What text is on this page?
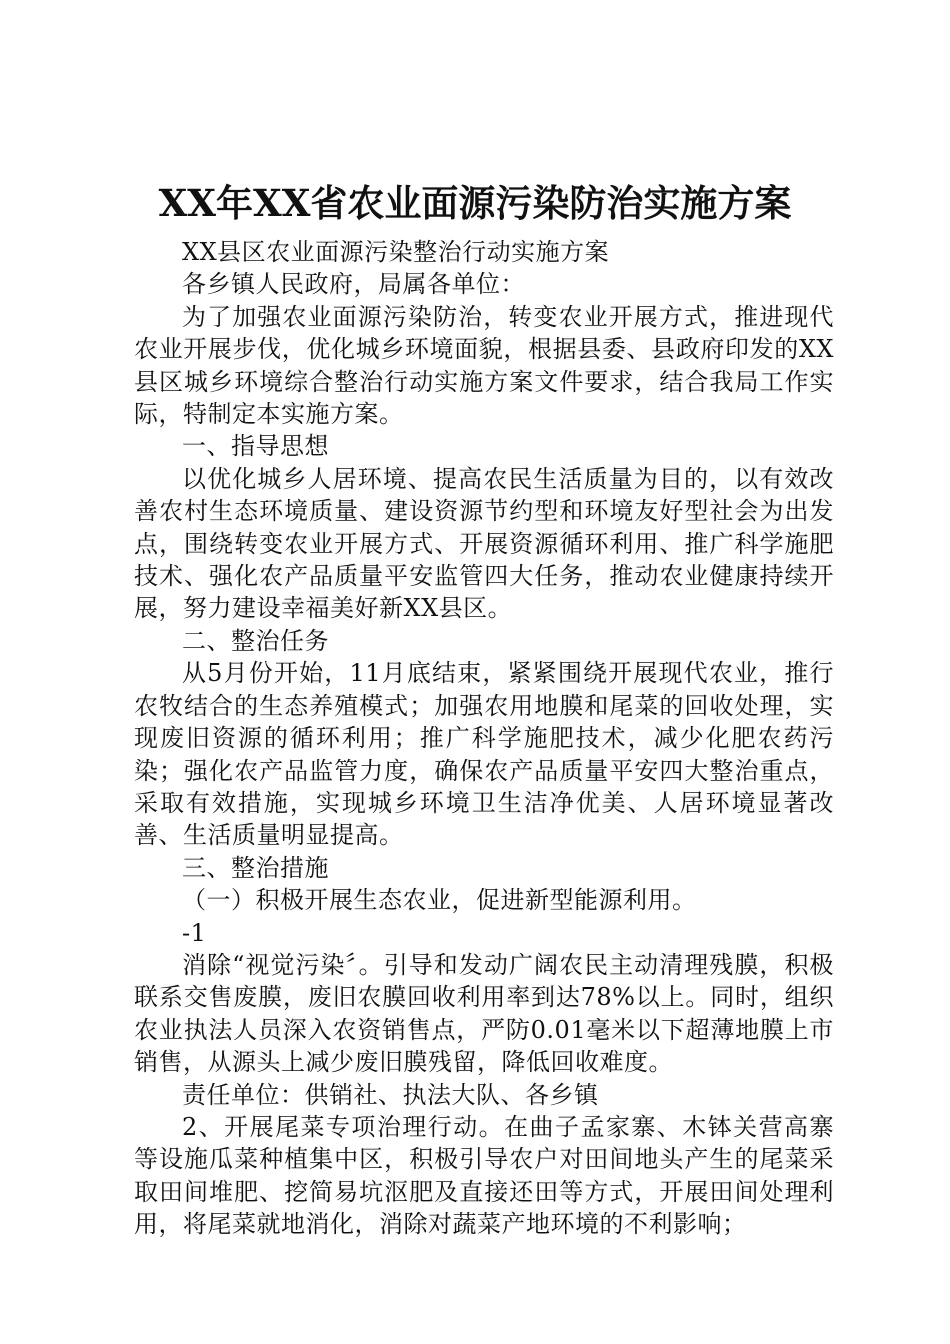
XX年XX省农业面源污染防治实施方案

XX县区农业面源污染整治行动实施方案

各乡镇人民政府，局属各单位：

为了加强农业面源污染防治，转变农业开展方式，推进现代农业开展步伐，优化城乡环境面貌，根据县委、县政府印发的XX县区城乡环境综合整治行动实施方案文件要求，结合我局工作实际，特制定本实施方案。

一、指导思想

以优化城乡人居环境、提高农民生活质量为目的，以有效改善农村生态环境质量、建设资源节约型和环境友好型社会为出发点，围绕转变农业开展方式、开展资源循环利用、推广科学施肥技术、强化农产品质量平安监管四大任务，推动农业健康持续开展，努力建设幸福美好新XX县区。

二、整治任务

从5月份开始，11月底结束，紧紧围绕开展现代农业，推行农牧结合的生态养殖模式；加强农用地膜和尾菜的回收处理，实现废旧资源的循环利用；推广科学施肥技术，减少化肥农药污染；强化农产品监管力度，确保农产品质量平安四大整治重点，采取有效措施，实现城乡环境卫生洁净优美、人居环境显著改善、生活质量明显提高。

三、整治措施

（一）积极开展生态农业，促进新型能源利用。

-1

消除“视觉污染〞。引导和发动广阔农民主动清理残膜，积极联系交售废膜，废旧农膜回收利用率到达78%以上。同时，组织农业执法人员深入农资销售点，严防0.01毫米以下超薄地膜上市销售，从源头上减少废旧膜残留，降低回收难度。

责任单位：供销社、执法大队、各乡镇

2、开展尾菜专项治理行动。在曲子孟家寨、木钵关营高寨等设施瓜菜种植集中区，积极引导农户对田间地头产生的尾菜采取田间堆肥、挖简易坑沤肥及直接还田等方式，开展田间处理利用，将尾菜就地消化，消除对蔬菜产地环境的不利影响；
